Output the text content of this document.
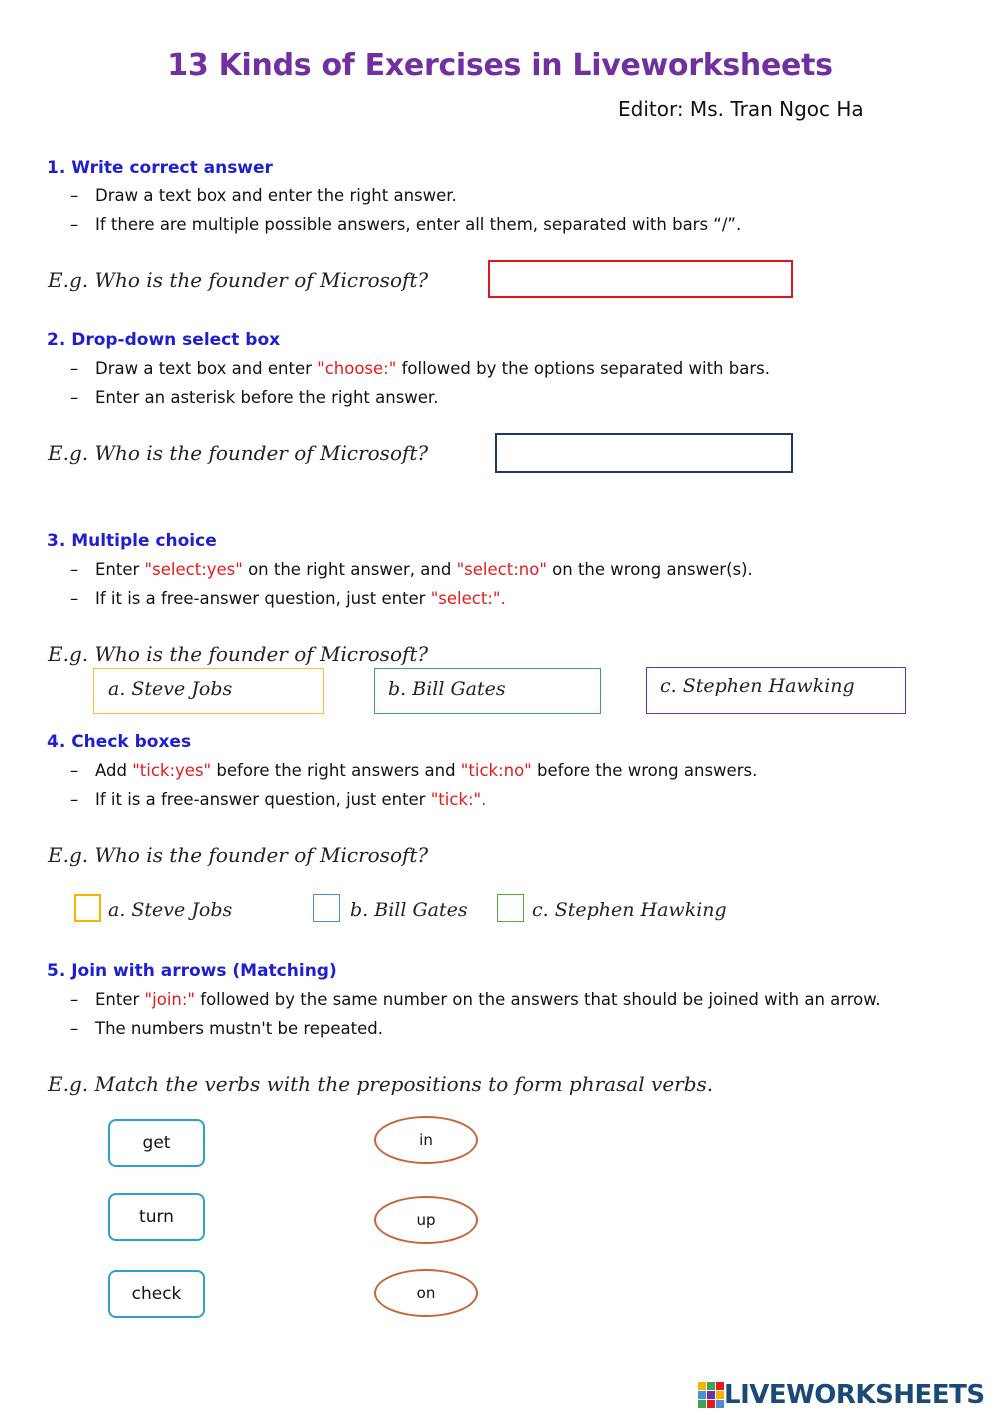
13 Kinds of Exercises in Liveworksheets
Editor: Ms. Tran Ngoc Ha
1. Write correct answer
– Draw a text box and enter the right answer.
– If there are multiple possible answers, enter all them, separated with bars “/”.
E.g. Who is the founder of Microsoft?
2. Drop-down select box
– Draw a text box and enter "choose:" followed by the options separated with bars.
– Enter an asterisk before the right answer.
E.g. Who is the founder of Microsoft?
3. Multiple choice
– Enter "select:yes" on the right answer, and "select:no" on the wrong answer(s).
– If it is a free-answer question, just enter "select:".
E.g. Who is the founder of Microsoft?
a. Steve Jobs	b. Bill Gates	c. Stephen Hawking
4. Check boxes
– Add "tick:yes" before the right answers and "tick:no" before the wrong answers.
– If it is a free-answer question, just enter "tick:".
E.g. Who is the founder of Microsoft?
a. Steve Jobs	b. Bill Gates	c. Stephen Hawking
5. Join with arrows (Matching)
– Enter "join:" followed by the same number on the answers that should be joined with an arrow.
– The numbers mustn't be repeated.
E.g. Match the verbs with the prepositions to form phrasal verbs.
get
turn
check
in
up
on
LIVEWORKSHEETS
